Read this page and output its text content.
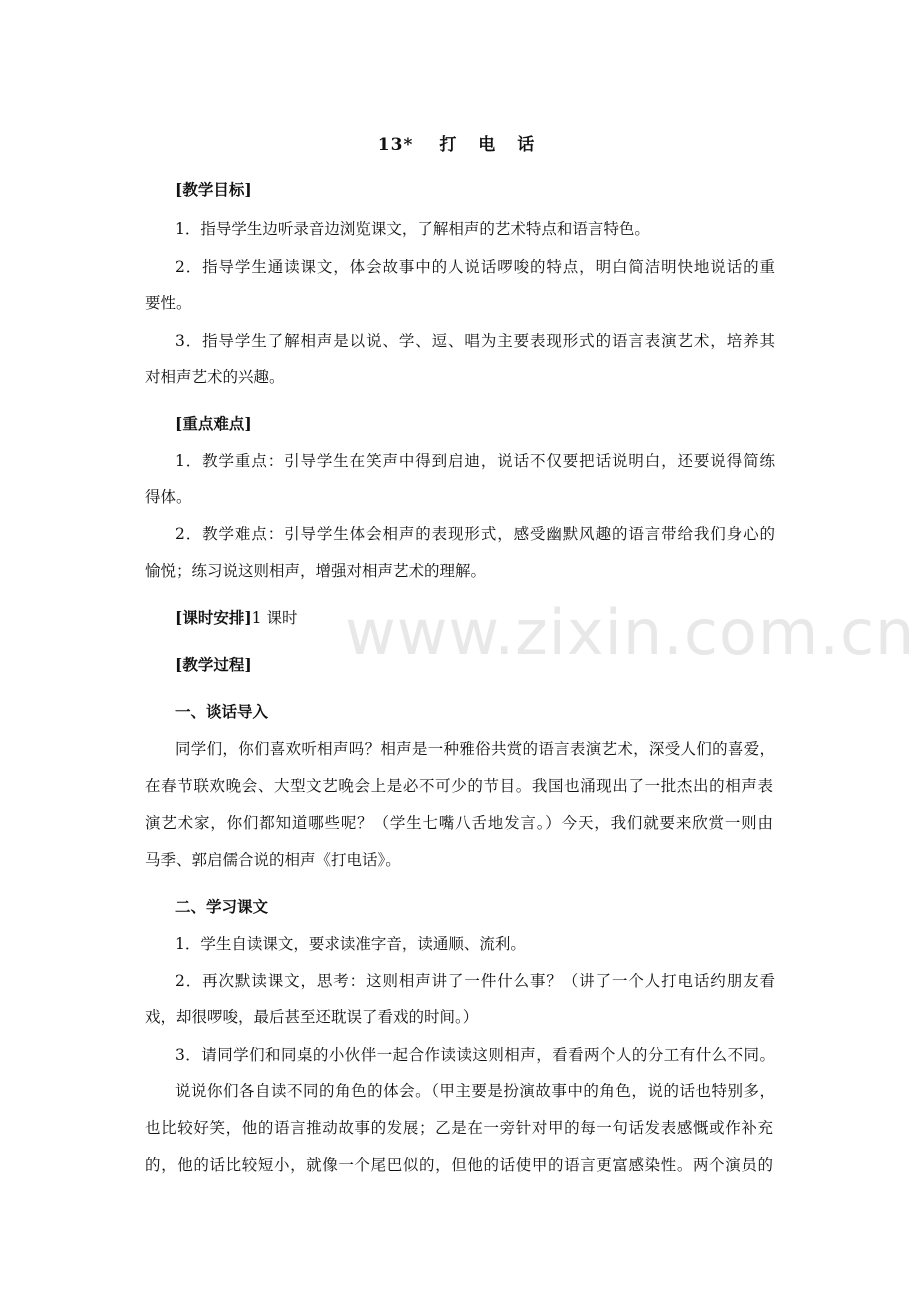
13* 打 电 话
[教学目标]
1．指导学生边听录音边浏览课文，了解相声的艺术特点和语言特色。
2．指导学生通读课文，体会故事中的人说话啰唆的特点，明白简洁明快地说话的重
要性。
3．指导学生了解相声是以说、学、逗、唱为主要表现形式的语言表演艺术，培养其
对相声艺术的兴趣。
[重点难点]
1．教学重点：引导学生在笑声中得到启迪，说话不仅要把话说明白，还要说得简练
得体。
2．教学难点：引导学生体会相声的表现形式，感受幽默风趣的语言带给我们身心的
愉悦；练习说这则相声，增强对相声艺术的理解。
[课时安排]1 课时
[教学过程]
一、谈话导入
同学们，你们喜欢听相声吗？相声是一种雅俗共赏的语言表演艺术，深受人们的喜爱，
在春节联欢晚会、大型文艺晚会上是必不可少的节目。我国也涌现出了一批杰出的相声表
演艺术家，你们都知道哪些呢？（学生七嘴八舌地发言。）今天，我们就要来欣赏一则由
马季、郭启儒合说的相声《打电话》。
二、学习课文
1．学生自读课文，要求读准字音，读通顺、流利。
2．再次默读课文，思考：这则相声讲了一件什么事？（讲了一个人打电话约朋友看
戏，却很啰唆，最后甚至还耽误了看戏的时间。）
3．请同学们和同桌的小伙伴一起合作读读这则相声，看看两个人的分工有什么不同。
说说你们各自读不同的角色的体会。（甲主要是扮演故事中的角色，说的话也特别多，
也比较好笑，他的语言推动故事的发展；乙是在一旁针对甲的每一句话发表感慨或作补充
的，他的话比较短小，就像一个尾巴似的，但他的话使甲的语言更富感染性。两个演员的
www.zixin.com.cn
